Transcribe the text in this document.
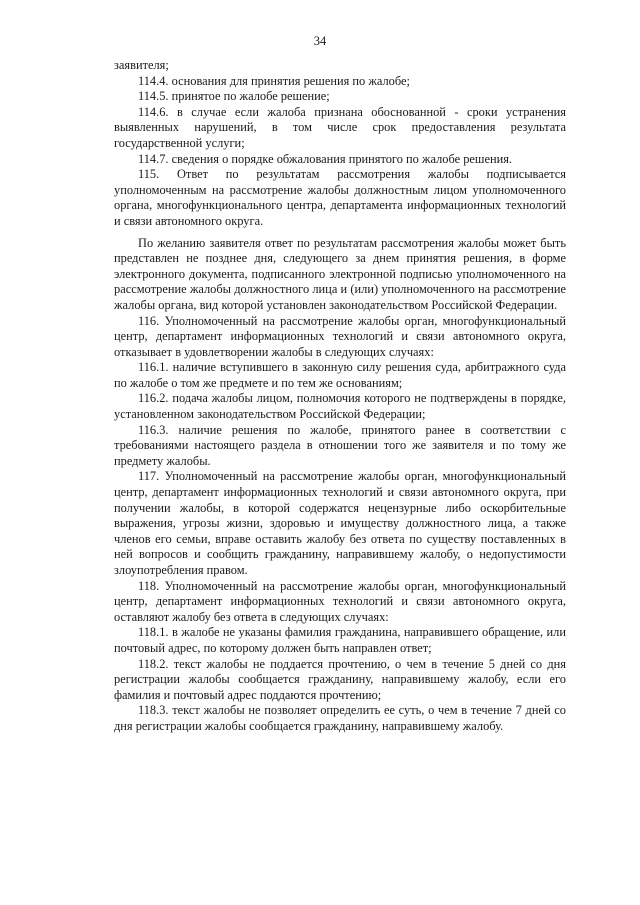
34

заявителя;

114.4. основания для принятия решения по жалобе;

114.5. принятое по жалобе решение;

114.6. в случае если жалоба признана обоснованной - сроки устранения выявленных нарушений, в том числе срок предоставления результата государственной услуги;

114.7. сведения о порядке обжалования принятого по жалобе решения.

115. Ответ по результатам рассмотрения жалобы подписывается уполномоченным на рассмотрение жалобы должностным лицом уполномоченного органа, многофункционального центра, департамента информационных технологий и связи автономного округа.

По желанию заявителя ответ по результатам рассмотрения жалобы может быть представлен не позднее дня, следующего за днем принятия решения, в форме электронного документа, подписанного электронной подписью уполномоченного на рассмотрение жалобы должностного лица и (или) уполномоченного на рассмотрение жалобы органа, вид которой установлен законодательством Российской Федерации.

116. Уполномоченный на рассмотрение жалобы орган, многофункциональный центр, департамент информационных технологий и связи автономного округа, отказывает в удовлетворении жалобы в следующих случаях:

116.1. наличие вступившего в законную силу решения суда, арбитражного суда по жалобе о том же предмете и по тем же основаниям;

116.2. подача жалобы лицом, полномочия которого не подтверждены в порядке, установленном законодательством Российской Федерации;

116.3. наличие решения по жалобе, принятого ранее в соответствии с требованиями настоящего раздела в отношении того же заявителя и по тому же предмету жалобы.

117. Уполномоченный на рассмотрение жалобы орган, многофункциональный центр, департамент информационных технологий и связи автономного округа, при получении жалобы, в которой содержатся нецензурные либо оскорбительные выражения, угрозы жизни, здоровью и имуществу должностного лица, а также членов его семьи, вправе оставить жалобу без ответа по существу поставленных в ней вопросов и сообщить гражданину, направившему жалобу, о недопустимости злоупотребления правом.

118. Уполномоченный на рассмотрение жалобы орган, многофункциональный центр, департамент информационных технологий и связи автономного округа, оставляют жалобу без ответа в следующих случаях:

118.1. в жалобе не указаны фамилия гражданина, направившего обращение, или почтовый адрес, по которому должен быть направлен ответ;

118.2. текст жалобы не поддается прочтению, о чем в течение 5 дней со дня регистрации жалобы сообщается гражданину, направившему жалобу, если его фамилия и почтовый адрес поддаются прочтению;

118.3. текст жалобы не позволяет определить ее суть, о чем в течение 7 дней со дня регистрации жалобы сообщается гражданину, направившему жалобу.
